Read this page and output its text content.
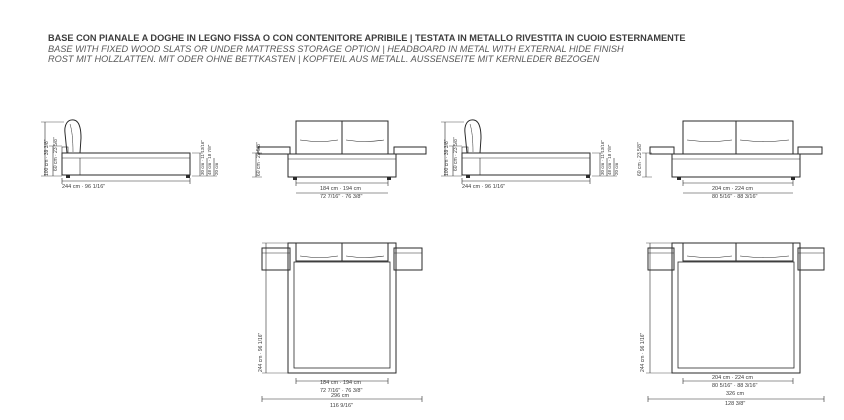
BASE CON PIANALE A DOGHE IN LEGNO FISSA O CON CONTENITORE APRIBILE | TESTATA IN METALLO RIVESTITA IN CUOIO ESTERNAMENTE
BASE WITH FIXED WOOD SLATS OR UNDER MATTRESS STORAGE OPTION | HEADBOARD IN METAL WITH EXTERNAL HIDE FINISH
ROST MIT HOLZLATTEN. MIT ODER OHNE BETTKASTEN | KOPFTEIL AUS METALL. AUSSENSEITE MIT KERNLEDER BEZOGEN
244 cm · 96 1/16"
100 cm · 39 3/8" 60 cm · 23 5/8"	30 cm · 11 13/16" 48 cm · 18 7/8" 20 cm
244 cm · 96 1/16"
100 cm · 39 3/8" 60 cm · 23 5/8"	30 cm · 11 13/16" 48 cm · 18 7/8" 20 cm
184 cm · 194 cm
72 7/16" · 76 3/8"
60 cm · 23 5/8"
204 cm · 224 cm
80 5/16" · 88 3/16"
60 cm · 23 5/8"
184 cm · 194 cm
72 7/16" · 76 3/8"
296 cm
116 9/16"
244 cm · 96 1/16"
204 cm · 224 cm
80 5/16" · 88 3/16"
326 cm
128 3/8"
244 cm · 96 1/16"
